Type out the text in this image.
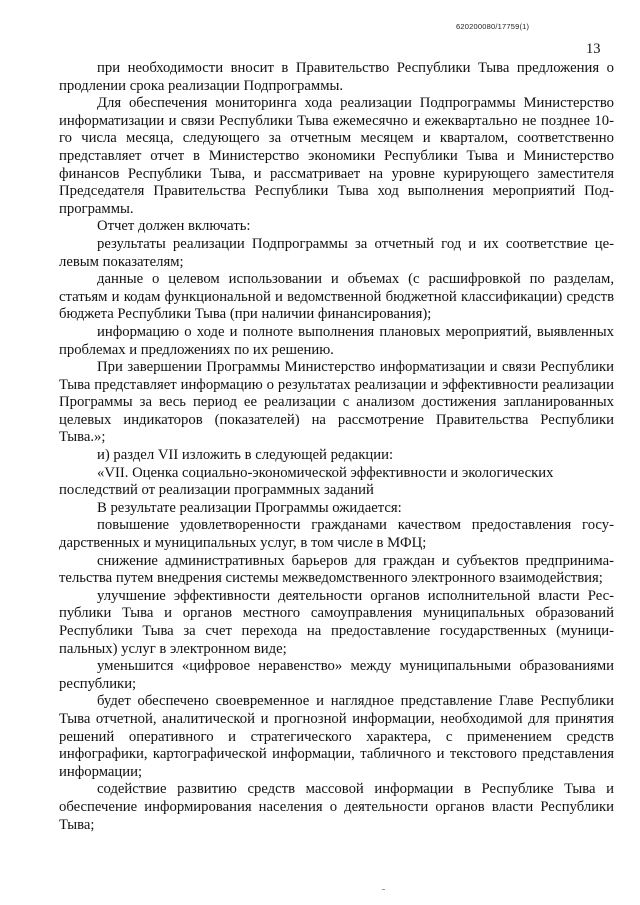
620200080/17759(1)
13

при необходимости вносит в Правительство Республики Тыва предложения о продлении срока реализации Подпрограммы.

Для обеспечения мониторинга хода реализации Подпрограммы Министерство информатизации и связи Республики Тыва ежемесячно и ежеквартально не позднее 10-го числа месяца, следующего за отчетным месяцем и кварталом, соответственно представляет отчет в Министерство экономики Республики Тыва и Министерство финансов Республики Тыва, и рассматривает на уровне курирующего заместителя Председателя Правительства Республики Тыва ход выполнения мероприятий Подпрограммы.

Отчет должен включать:

результаты реализации Подпрограммы за отчетный год и их соответствие целевым показателям;

данные о целевом использовании и объемах (с расшифровкой по разделам, статьям и кодам функциональной и ведомственной бюджетной классификации) средств бюджета Республики Тыва (при наличии финансирования);

информацию о ходе и полноте выполнения плановых мероприятий, выявленных проблемах и предложениях по их решению.

При завершении Программы Министерство информатизации и связи Республики Тыва представляет информацию о результатах реализации и эффективности реализации Программы за весь период ее реализации с анализом достижения запланированных целевых индикаторов (показателей) на рассмотрение Правительства Республики Тыва.»;

и) раздел VII изложить в следующей редакции:

«VII. Оценка социально-экономической эффективности и экологических последствий от реализации программных заданий

В результате реализации Программы ожидается:

повышение удовлетворенности гражданами качеством предоставления государственных и муниципальных услуг, в том числе в МФЦ;

снижение административных барьеров для граждан и субъектов предпринимательства путем внедрения системы межведомственного электронного взаимодействия;

улучшение эффективности деятельности органов исполнительной власти Республики Тыва и органов местного самоуправления муниципальных образований Республики Тыва за счет перехода на предоставление государственных (муниципальных) услуг в электронном виде;

уменьшится «цифровое неравенство» между муниципальными образованиями республики;

будет обеспечено своевременное и наглядное представление Главе Республики Тыва отчетной, аналитической и прогнозной информации, необходимой для принятия решений оперативного и стратегического характера, с применением средств инфографики, картографической информации, табличного и текстового представления информации;

содействие развитию средств массовой информации в Республике Тыва и обеспечение информирования населения о деятельности органов власти Республики Тыва;
